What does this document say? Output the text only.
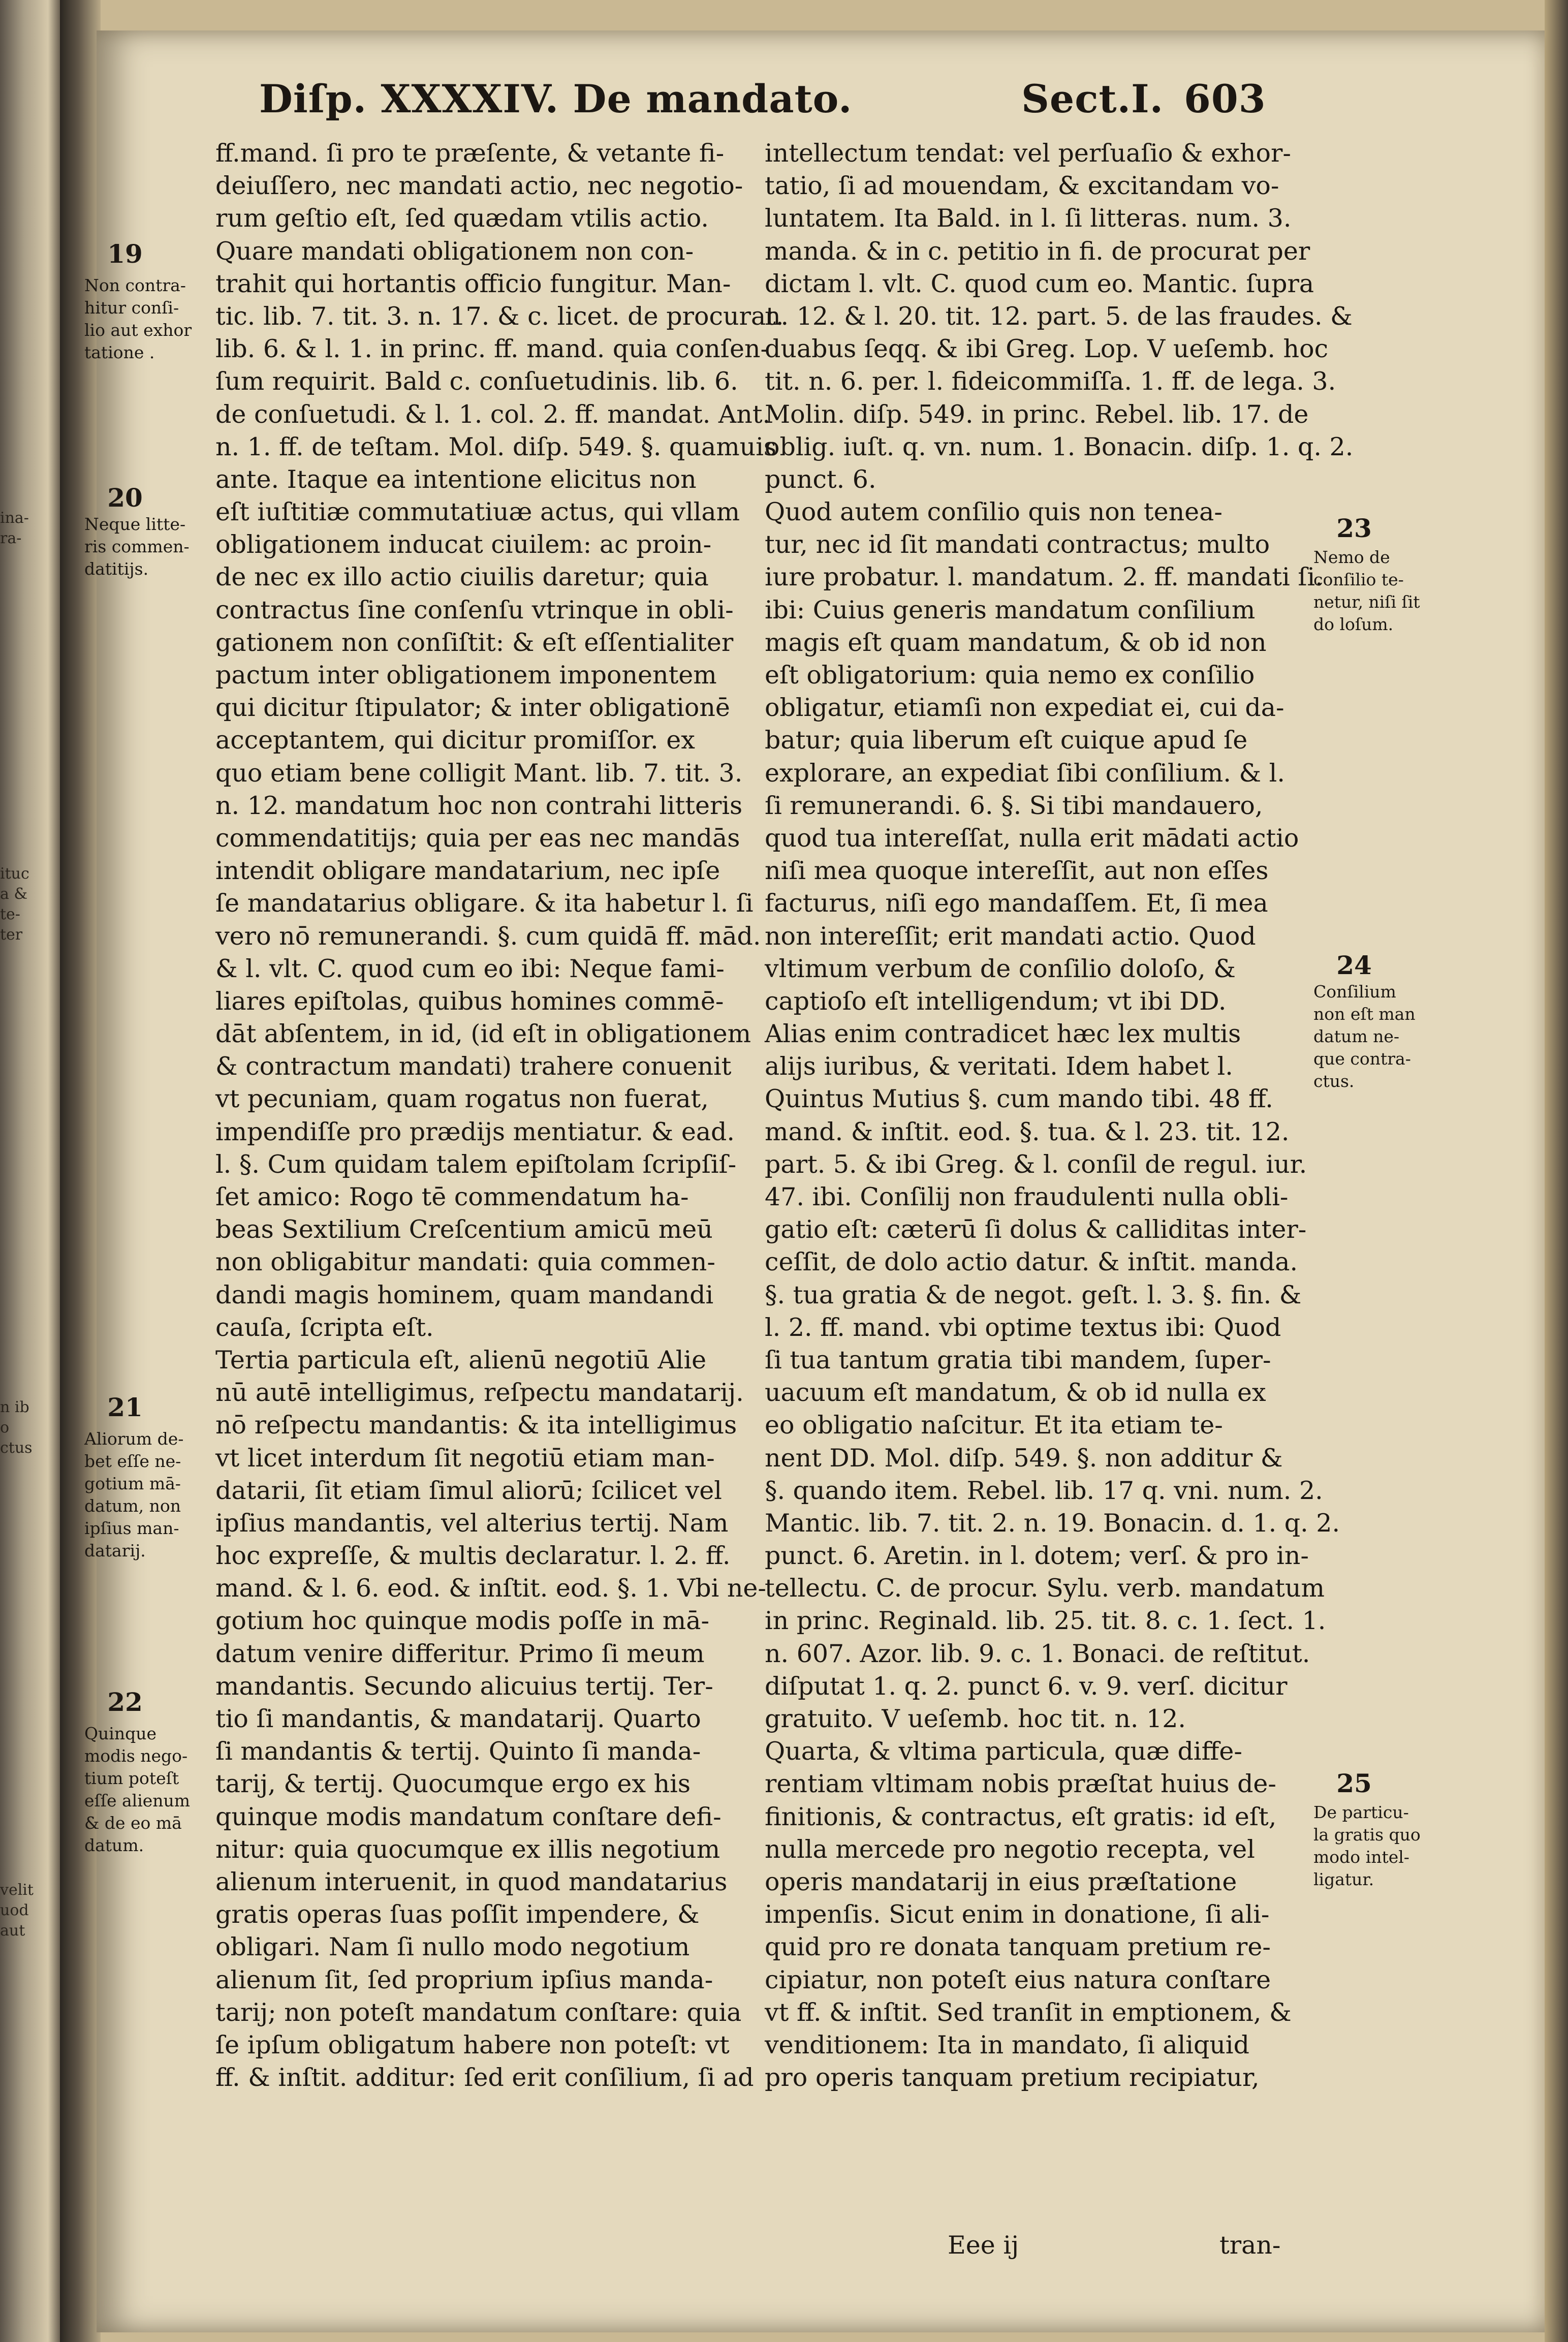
ina-
ra-
ituc
a &
te-
ter
n ib
o
ctus
velit
uod
aut
Diſp. XXXXIV. De mandato.	Sect.I. 603
ff.mand. ſi pro te præſente, & vetante fi-
deiuſſero, nec mandati actio, nec negotio-
rum geſtio eſt, ſed quædam vtilis actio.
Quare mandati obligationem non con-
trahit qui hortantis officio fungitur. Man-
tic. lib. 7. tit. 3. n. 17. & c. licet. de procurat.
lib. 6. & l. 1. in princ. ff. mand. quia conſen-
ſum requirit. Bald c. conſuetudinis. lib. 6.
de conſuetudi. & l. 1. col. 2. ff. mandat. Ant.
n. 1. ff. de teſtam. Mol. diſp. 549. §. quamuis
ante. Itaque ea intentione elicitus non
eſt iuſtitiæ commutatiuæ actus, qui vllam
obligationem inducat ciuilem: ac proin-
de nec ex illo actio ciuilis daretur; quia
contractus ſine conſenſu vtrinque in obli-
gationem non conſiſtit: & eſt eſſentialiter
pactum inter obligationem imponentem
qui dicitur ſtipulator; & inter obligationē
acceptantem, qui dicitur promiſſor. ex
quo etiam bene colligit Mant. lib. 7. tit. 3.
n. 12. mandatum hoc non contrahi litteris
commendatitijs; quia per eas nec mandās
intendit obligare mandatarium, nec ipſe
ſe mandatarius obligare. & ita habetur l. ſi
vero nō remunerandi. §. cum quidā ff. mād.
& l. vlt. C. quod cum eo ibi: Neque fami-
liares epiſtolas, quibus homines commē-
dāt abſentem, in id, (id eſt in obligationem
& contractum mandati) trahere conuenit
vt pecuniam, quam rogatus non fuerat,
impendiſſe pro prædijs mentiatur. & ead.
l. §. Cum quidam talem epiſtolam ſcripſiſ-
ſet amico: Rogo tē commendatum ha-
beas Sextilium Creſcentium amicū meū
non obligabitur mandati: quia commen-
dandi magis hominem, quam mandandi
cauſa, ſcripta eſt.
Tertia particula eſt, alienū negotiū Alie
nū autē intelligimus, reſpectu mandatarij.
nō reſpectu mandantis: & ita intelligimus
vt licet interdum ſit negotiū etiam man-
datarii, ſit etiam ſimul aliorū; ſcilicet vel
ipſius mandantis, vel alterius tertij. Nam
hoc expreſſe, & multis declaratur. l. 2. ff.
mand. & l. 6. eod. & inſtit. eod. §. 1. Vbi ne-
gotium hoc quinque modis poſſe in mā-
datum venire differitur. Primo ſi meum
mandantis. Secundo alicuius tertij. Ter-
tio ſi mandantis, & mandatarij. Quarto
ſi mandantis & tertij. Quinto ſi manda-
tarij, & tertij. Quocumque ergo ex his
quinque modis mandatum conſtare defi-
nitur: quia quocumque ex illis negotium
alienum interuenit, in quod mandatarius
gratis operas ſuas poſſit impendere, &
obligari. Nam ſi nullo modo negotium
alienum ſit, ſed proprium ipſius manda-
tarij; non poteſt mandatum conſtare: quia
ſe ipſum obligatum habere non poteſt: vt
ff. & inſtit. additur: ſed erit conſilium, ſi ad
intellectum tendat: vel perſuaſio & exhor-
tatio, ſi ad mouendam, & excitandam vo-
luntatem. Ita Bald. in l. ſi litteras. num. 3.
manda. & in c. petitio in fi. de procurat per
dictam l. vlt. C. quod cum eo. Mantic. ſupra
n. 12. & l. 20. tit. 12. part. 5. de las fraudes. &
duabus ſeqq. & ibi Greg. Lop. V ueſemb. hoc
tit. n. 6. per. l. fideicommiſſa. 1. ff. de lega. 3.
Molin. diſp. 549. in princ. Rebel. lib. 17. de
oblig. iuſt. q. vn. num. 1. Bonacin. diſp. 1. q. 2.
punct. 6.
Quod autem conſilio quis non tenea-
tur, nec id ſit mandati contractus; multo
iure probatur. l. mandatum. 2. ff. mandati ſi.
ibi: Cuius generis mandatum conſilium
magis eſt quam mandatum, & ob id non
eſt obligatorium: quia nemo ex conſilio
obligatur, etiamſi non expediat ei, cui da-
batur; quia liberum eſt cuique apud ſe
explorare, an expediat ſibi conſilium. & l.
ſi remunerandi. 6. §. Si tibi mandauero,
quod tua intereſſat, nulla erit mādati actio
niſi mea quoque intereſſit, aut non eſſes
facturus, niſi ego mandaſſem. Et, ſi mea
non intereſſit; erit mandati actio. Quod
vltimum verbum de conſilio doloſo, &
captioſo eſt intelligendum; vt ibi DD.
Alias enim contradicet hæc lex multis
alijs iuribus, & veritati. Idem habet l.
Quintus Mutius §. cum mando tibi. 48 ff.
mand. & inſtit. eod. §. tua. & l. 23. tit. 12.
part. 5. & ibi Greg. & l. conſil de regul. iur.
47. ibi. Conſilij non fraudulenti nulla obli-
gatio eſt: cæterū ſi dolus & calliditas inter-
ceſſit, de dolo actio datur. & inſtit. manda.
§. tua gratia & de negot. geſt. l. 3. §. fin. &
l. 2. ff. mand. vbi optime textus ibi: Quod
ſi tua tantum gratia tibi mandem, ſuper-
uacuum eſt mandatum, & ob id nulla ex
eo obligatio naſcitur. Et ita etiam te-
nent DD. Mol. diſp. 549. §. non additur &
§. quando item. Rebel. lib. 17 q. vni. num. 2.
Mantic. lib. 7. tit. 2. n. 19. Bonacin. d. 1. q. 2.
punct. 6. Aretin. in l. dotem; verſ. & pro in-
tellectu. C. de procur. Sylu. verb. mandatum
in princ. Reginald. lib. 25. tit. 8. c. 1. ſect. 1.
n. 607. Azor. lib. 9. c. 1. Bonaci. de reſtitut.
diſputat 1. q. 2. punct 6. v. 9. verſ. dicitur
gratuito. V ueſemb. hoc tit. n. 12.
Quarta, & vltima particula, quæ diffe-
rentiam vltimam nobis præſtat huius de-
finitionis, & contractus, eſt gratis: id eſt,
nulla mercede pro negotio recepta, vel
operis mandatarij in eius præſtatione
impenſis. Sicut enim in donatione, ſi ali-
quid pro re donata tanquam pretium re-
cipiatur, non poteſt eius natura conſtare
vt ff. & inſtit. Sed tranſit in emptionem, &
venditionem: Ita in mandato, ſi aliquid
pro operis tanquam pretium recipiatur,
19
Non contra-
hitur conſi-
lio aut exhor
tatione .
20
Neque litte-
ris commen-
datitijs.
21
Aliorum de-
bet eſſe ne-
gotium mā-
datum, non
ipſius man-
datarij.
22
Quinque
modis nego-
tium poteſt
eſſe alienum
& de eo mā
datum.
23
Nemo de
conſilio te-
netur, niſi ſit
do loſum.
24
Conſilium
non eſt man
datum ne-
que contra-
ctus.
25
De particu-
la gratis quo
modo intel-
ligatur.
Eee ij	tran-
